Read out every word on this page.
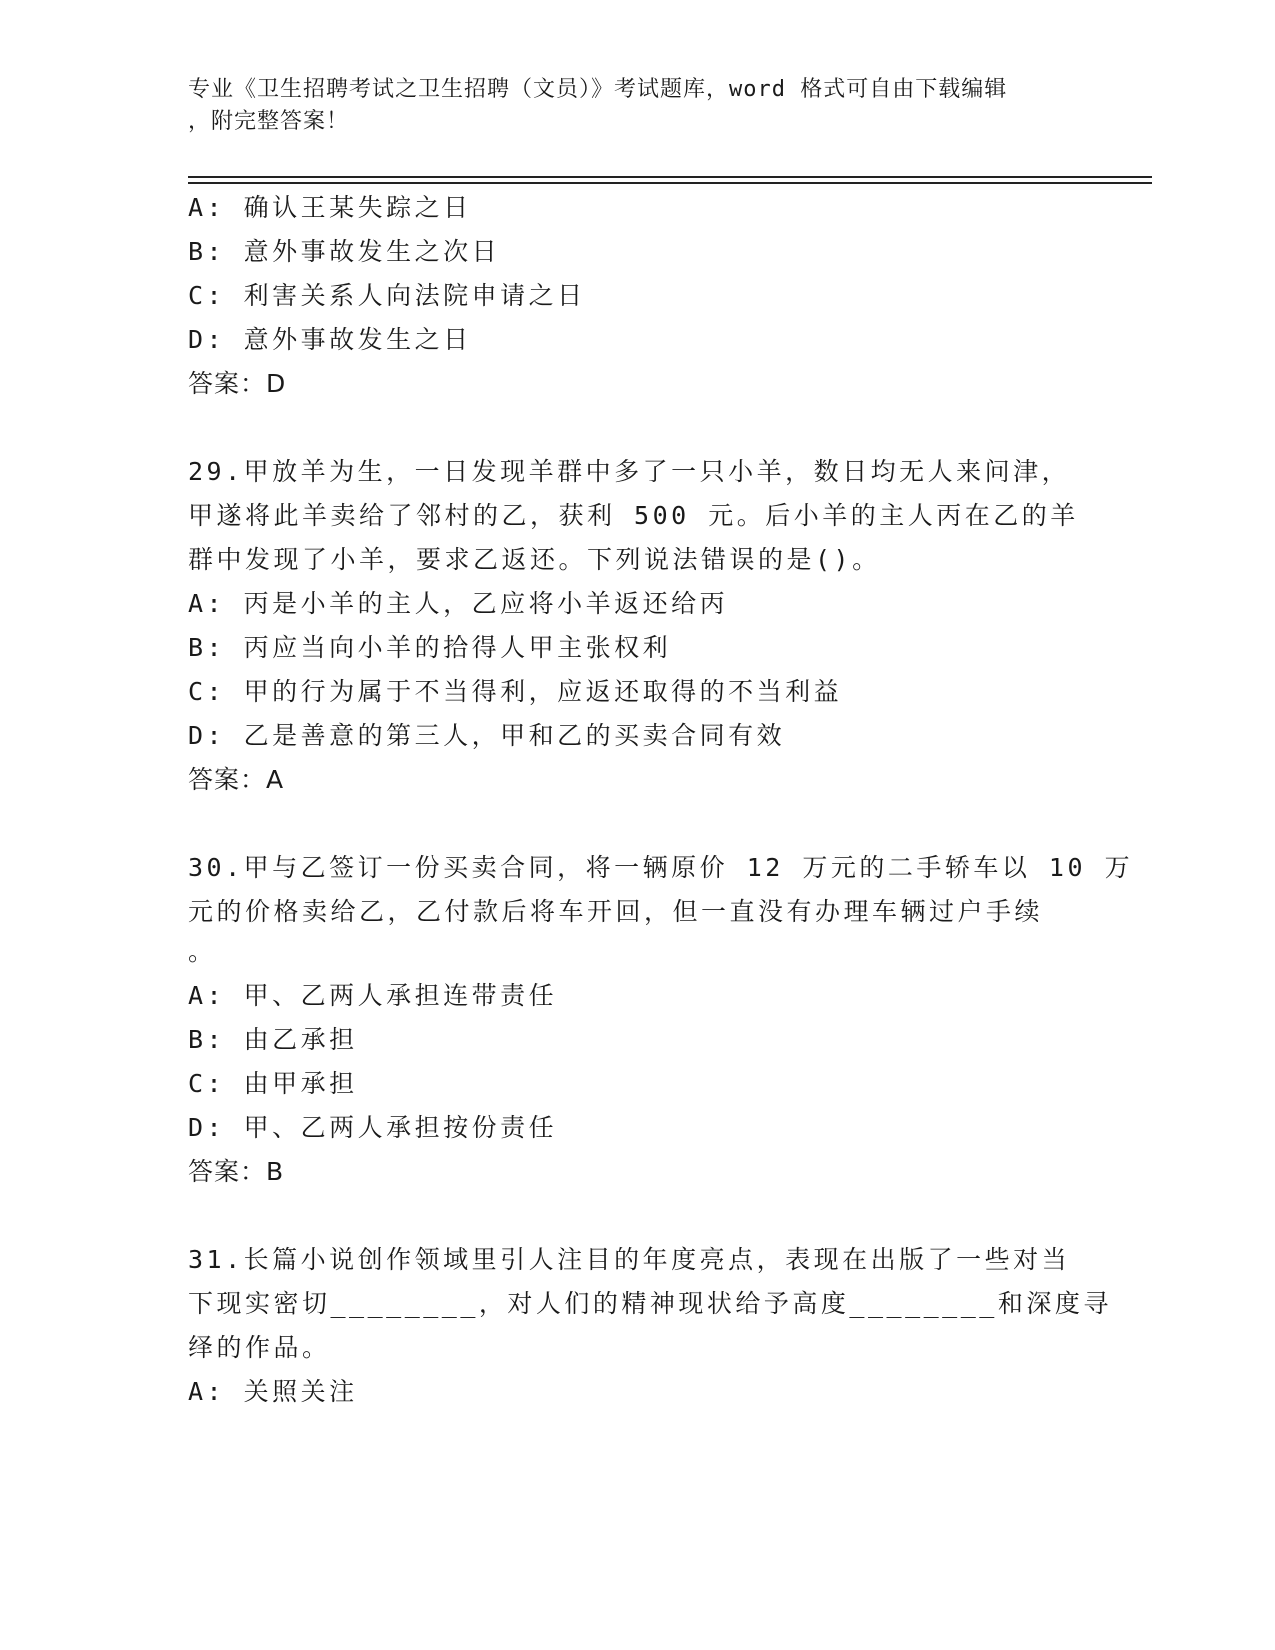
专业《卫生招聘考试之卫生招聘（文员）》考试题库，word 格式可自由下载编辑
，附完整答案！
A: 确认王某失踪之日
B: 意外事故发生之次日
C: 利害关系人向法院申请之日
D: 意外事故发生之日
答案：D
29.甲放羊为生，一日发现羊群中多了一只小羊，数日均无人来问津，
甲遂将此羊卖给了邻村的乙，获利 500 元。后小羊的主人丙在乙的羊
群中发现了小羊，要求乙返还。下列说法错误的是()。
A: 丙是小羊的主人，乙应将小羊返还给丙
B: 丙应当向小羊的拾得人甲主张权利
C: 甲的行为属于不当得利，应返还取得的不当利益
D: 乙是善意的第三人，甲和乙的买卖合同有效
答案：A
30.甲与乙签订一份买卖合同，将一辆原价 12 万元的二手轿车以 10 万
元的价格卖给乙，乙付款后将车开回，但一直没有办理车辆过户手续
。
A: 甲、乙两人承担连带责任
B: 由乙承担
C: 由甲承担
D: 甲、乙两人承担按份责任
答案：B
31.长篇小说创作领域里引人注目的年度亮点，表现在出版了一些对当
下现实密切________，对人们的精神现状给予高度________和深度寻
绎的作品。
A: 关照关注
